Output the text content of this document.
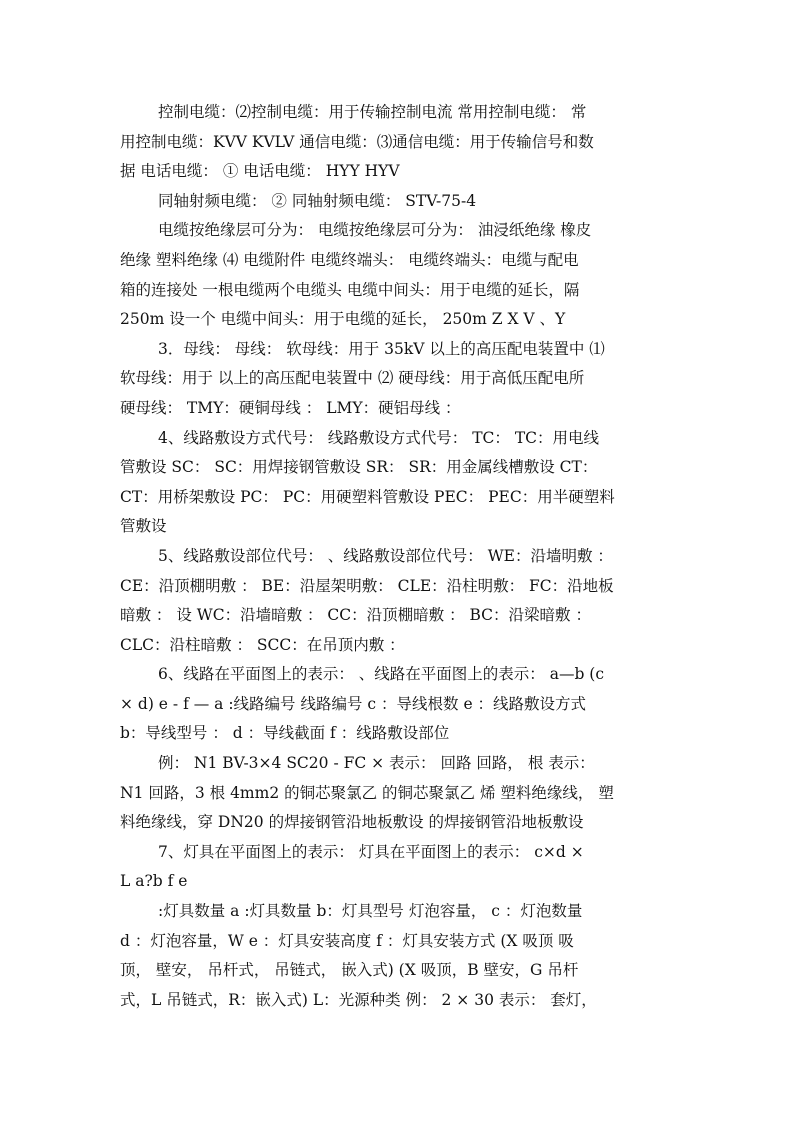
控制电缆：⑵控制电缆：用于传输控制电流 常用控制电缆： 常
用控制电缆：KVV KVLV 通信电缆：⑶通信电缆：用于传输信号和数
据 电话电缆： ① 电话电缆： HYY HYV
同轴射频电缆： ② 同轴射频电缆： STV-75-4
电缆按绝缘层可分为： 电缆按绝缘层可分为： 油浸纸绝缘 橡皮
绝缘 塑料绝缘 ⑷ 电缆附件 电缆终端头： 电缆终端头：电缆与配电
箱的连接处 一根电缆两个电缆头 电缆中间头：用于电缆的延长，隔
250m 设一个 电缆中间头：用于电缆的延长， 250m Z X V 、Y
3．母线： 母线： 软母线：用于 35kV 以上的高压配电装置中 ⑴
软母线：用于 以上的高压配电装置中 ⑵ 硬母线：用于高低压配电所
硬母线： TMY：硬铜母线 ： LMY：硬铝母线 ：
4、线路敷设方式代号： 线路敷设方式代号： TC： TC：用电线
管敷设 SC： SC：用焊接钢管敷设 SR： SR：用金属线槽敷设 CT：
CT：用桥架敷设 PC： PC：用硬塑料管敷设 PEC： PEC：用半硬塑料
管敷设
5、线路敷设部位代号： 、线路敷设部位代号： WE：沿墙明敷 ：
CE：沿顶棚明敷 ： BE：沿屋架明敷： CLE：沿柱明敷： FC：沿地板
暗敷 ： 设 WC：沿墙暗敷 ： CC：沿顶棚暗敷 ： BC：沿梁暗敷 ：
CLC：沿柱暗敷 ： SCC：在吊顶内敷 ：
6、线路在平面图上的表示： 、线路在平面图上的表示： a—b (c
× d) e - f — a :线路编号 线路编号 c ：导线根数 e ：线路敷设方式
b：导线型号 ： d ：导线截面 f ：线路敷设部位
例： N1 BV-3×4 SC20 - FC × 表示： 回路 回路， 根 表示：
N1 回路，3 根 4mm2 的铜芯聚氯乙 的铜芯聚氯乙 烯 塑料绝缘线， 塑
料绝缘线，穿 DN20 的焊接钢管沿地板敷设 的焊接钢管沿地板敷设
7、灯具在平面图上的表示： 灯具在平面图上的表示： c×d ×
L a?b f e
:灯具数量 a :灯具数量 b：灯具型号 灯泡容量， c ：灯泡数量
d ：灯泡容量，W e ：灯具安装高度 f ：灯具安装方式 (X 吸顶 吸
顶， 壁安， 吊杆式， 吊链式， 嵌入式) (X 吸顶，B 壁安，G 吊杆
式，L 吊链式，R：嵌入式) L：光源种类 例： 2 × 30 表示： 套灯，
